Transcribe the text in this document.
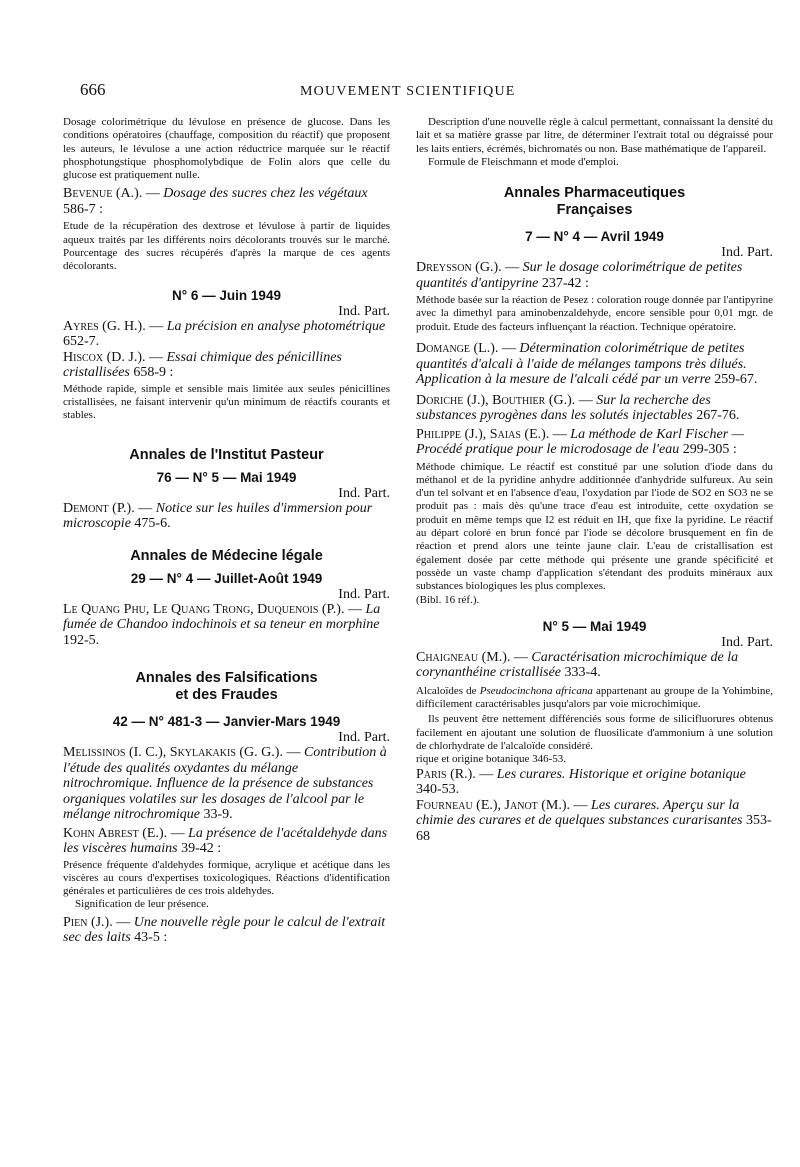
666	MOUVEMENT SCIENTIFIQUE

Dosage colorimétrique du lévulose en présence de glucose. Dans les conditions opératoires (chauffage, composition du réactif) que proposent les auteurs, le lévulose a une action réductrice marquée sur le réactif phosphotungstique phosphomolybdique de Folin alors que celle du glucose est pratiquement nulle.

Bevenue (A.). — Dosage des sucres chez les végétaux 586-7 :

Etude de la récupération des dextrose et lévulose à partir de liquides aqueux traités par les différents noirs décolorants trouvés sur le marché. Pourcentage des sucres récupérés d'après la marque de ces agents décolorants.

N° 6 — Juin 1949

Ind. Part.

Ayres (G. H.). — La précision en analyse photométrique 652-7.

Hiscox (D. J.). — Essai chimique des pénicillines cristallisées 658-9 :

Méthode rapide, simple et sensible mais limitée aux seules pénicillines cristallisées, ne faisant intervenir qu'un minimum de réactifs courants et stables.

Annales de l'Institut Pasteur

76 — N° 5 — Mai 1949

Ind. Part.

Demont (P.). — Notice sur les huiles d'immersion pour microscopie 475-6.

Annales de Médecine légale

29 — N° 4 — Juillet-Août 1949

Ind. Part.

Le Quang Phu, Le Quang Trong, Duquenois (P.). — La fumée de Chandoo indochinois et sa teneur en morphine 192-5.

Annales des Falsifications

et des Fraudes

42 — N° 481-3 — Janvier-Mars 1949

Ind. Part.

Melissinos (I. C.), Skylakakis (G. G.). — Contribution à l'étude des qualités oxydantes du mélange nitrochromique. Influence de la présence de substances organiques volatiles sur les dosages de l'alcool par le mélange nitrochromique 33-9.

Kohn Abrest (E.). — La présence de l'acétaldehyde dans les viscères humains 39-42 :

Présence fréquente d'aldehydes formique, acrylique et acétique dans les viscères au cours d'expertises toxicologiques. Réactions d'identification générales et particulières de ces trois aldehydes.

Signification de leur présence.

Pien (J.). — Une nouvelle règle pour le calcul de l'extrait sec des laits 43-5 :

Description d'une nouvelle règle à calcul permettant, connaissant la densité du lait et sa matière grasse par litre, de déterminer l'extrait total ou dégraissé pour les laits entiers, écrémés, bichromatés ou non. Base mathématique de l'appareil.

Formule de Fleischmann et mode d'emploi.

Annales Pharmaceutiques

Françaises

7 — N° 4 — Avril 1949

Ind. Part.

Dreysson (G.). — Sur le dosage colorimétrique de petites quantités d'antipyrine 237-42 :

Méthode basée sur la réaction de Pesez : coloration rouge donnée par l'antipyrine avec la dimethyl para aminobenzaldehyde, encore sensible pour 0,01 mgr. de produit. Etude des facteurs influençant la réaction. Technique opératoire.

Domange (L.). — Détermination colorimétrique de petites quantités d'alcali à l'aide de mélanges tampons très dilués. Application à la mesure de l'alcali cédé par un verre 259-67.

Doriche (J.), Bouthier (G.). — Sur la recherche des substances pyrogènes dans les solutés injectables 267-76.

Philippe (J.), Saias (E.). — La méthode de Karl Fischer — Procédé pratique pour le microdosage de l'eau 299-305 :

Méthode chimique. Le réactif est constitué par une solution d'iode dans du méthanol et de la pyridine anhydre additionnée d'anhydride sulfureux. Au sein d'un tel solvant et en l'absence d'eau, l'oxydation par l'iode de SO2 en SO3 ne se produit pas : mais dès qu'une trace d'eau est introduite, cette oxydation se produit en même temps que I2 est réduit en IH, que fixe la pyridine. Le réactif au départ coloré en brun foncé par l'iode se décolore brusquement en fin de réaction et prend alors une teinte jaune clair. L'eau de cristallisation est également dosée par cette méthode qui présente une grande spécificité et possède un vaste champ d'application s'étendant des produits minéraux aux substances biologiques les plus complexes.

(Bibl. 16 réf.).

N° 5 — Mai 1949

Ind. Part.

Chaigneau (M.). — Caractérisation microchimique de la corynanthéine cristallisée 333-4.

Alcaloïdes de Pseudocinchona africana appartenant au groupe de la Yohimbine, difficilement caractérisables jusqu'alors par voie microchimique.

Ils peuvent être nettement différenciés sous forme de silicifluorures obtenus facilement en ajoutant une solution de fluosilicate d'ammonium à une solution de chlorhydrate de l'alcaloïde considéré.

rique et origine botanique 346-53.

Paris (R.). — Les curares. Historique et origine botanique 340-53.

Fourneau (E.), Janot (M.). — Les curares. Aperçu sur la chimie des curares et de quelques substances curarisantes 353-68
